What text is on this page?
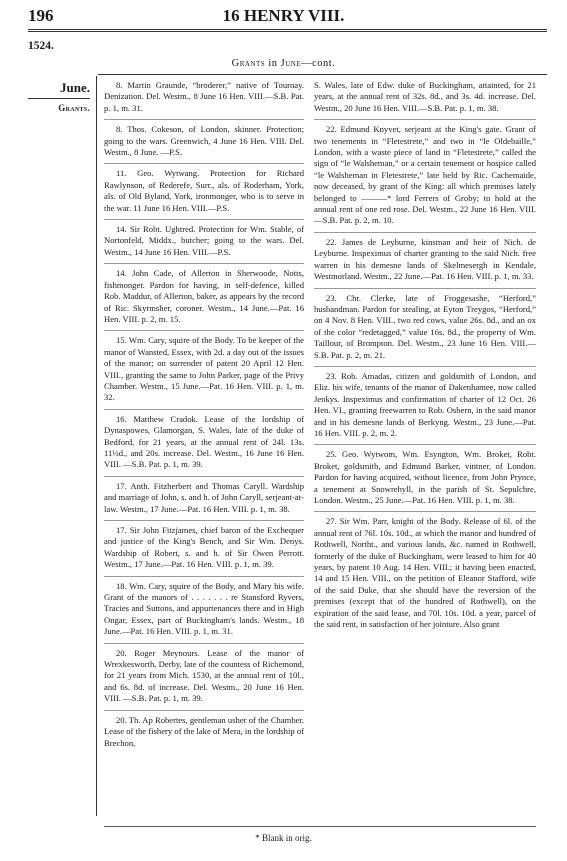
196	16 HENRY VIII.
1524.
Grants in June—cont.
June.
Grants.

8. Martin Graunde, “broderer,” native of Tournay. Denization. Del. Westm., 8 June 16 Hen. VIII.—S.B. Pat. p. 1, m. 31.

8. Thos. Cokeson, of London, skinner. Protection; going to the wars. Greenwich, 4 June 16 Hen. VIII. Del. Westm., 8 June. —P.S.

11. Geo. Wytwang. Protection for Richard Rawlynson, of Rederefe, Surr., als. of Roderham, York, als. of Old Byland, York, ironmonger, who is to serve in the war. 11 June 16 Hen. VIII.—P.S.

14. Sir Robt. Ughtred. Protection for Wm. Stable, of Nortonfeld, Middx., butcher; going to the wars. Del. Westm., 14 June 16 Hen. VIII.—P.S.

14. John Cade, of Allerton in Sherwoode, Notts, fishmonger. Pardon for having, in self-defence, killed Rob. Maddur, of Allerton, baker, as appears by the record of Ric. Skyrmsher, coroner. Westm., 14 June.—Pat. 16 Hen. VIII. p. 2, m. 15.

15. Wm. Cary, squire of the Body. To be keeper of the manor of Wansted, Essex, with 2d. a day out of the issues of the manor; on surrender of patent 20 April 12 Hen. VIII., granting the same to John Parker, page of the Privy Chamber. Westm., 15 June.—Pat. 16 Hen. VIII. p. 1, m. 32.

16. Matthew Cradok. Lease of the lordship of Dynaspowes, Glamorgan, S. Wales, late of the duke of Bedford, for 21 years, at the annual rent of 24l. 13s. 11½d., and 20s. increase. Del. Westm., 16 June 16 Hen. VIII. —S.B. Pat. p. 1, m. 39.

17. Anth. Fitzherbert and Thomas Caryll. Wardship and marriage of John, s. and h. of John Caryll, serjeant-at-law. Westm., 17 June.—Pat. 16 Hen. VIII. p. 1, m. 38.

17. Sir John Fitzjames, chief baron of the Exchequer and justice of the King's Bench, and Sir Wm. Denys. Wardship of Robert, s. and h. of Sir Owen Perrott. Westm., 17 June.—Pat. 16 Hen. VIII. p. 1, m. 39.

18. Wm. Cary, squire of the Body, and Mary his wife. Grant of the manors of . . . . . . . re Stansford Ryvers, Tracies and Suttons, and appurtenances there and in High Ongar, Essex, part of Buckingham's lands. Westm., 18 June.—Pat. 16 Hen. VIII. p. 1, m. 31.

20. Roger Meynours. Lease of the manor of Wrexkesworth, Derby, late of the countess of Richemond, for 21 years from Mich. 1530, at the annual rent of 10l., and 6s. 8d. of increase. Del. Westm., 20 June 16 Hen. VIII. —S.B. Pat. p. 1, m. 39.

20. Th. Ap Robertes, gentleman usher of the Chamber. Lease of the fishery of the lake of Mera, in the lordship of Brechon,

S. Wales, late of Edw. duke of Buckingham, attainted, for 21 years, at the annual rent of 32s. 8d., and 3s. 4d. increase. Del. Westm., 20 June 16 Hen. VIII.—S.B. Pat. p. 1, m. 38.

22. Edmund Knyvet, serjeant at the King's gate. Grant of two tenements in “Fletestrete,” and two in “le Oldebaille,” London, with a waste piece of land in “Fletestrete,” called the sign of “le Walsheman,” or a certain tenement or hospice called “le Walsheman in Fletestrete,” late held by Ric. Cachemaide, now deceased, by grant of the King: all which premises lately belonged to ———* lord Ferrers of Groby; to hold at the annual rent of one red rose. Del. Westm., 22 June 16 Hen. VIII.—S.B. Pat. p. 2, m. 10.

22. James de Leyburne, kinsman and heir of Nich. de Leyburne. Inspeximus of charter granting to the said Nich. free warren in his demesne lands of Skelmesergh in Kendale, Westmorland. Westm., 22 June.—Pat. 16 Hen. VIII. p. 1, m. 33.

23. Chr. Clerke, late of Froggesashe, “Herford,” husbandman. Pardon for stealing, at Eyton Treygos, “Herford,” on 4 Nov. 8 Hen. VIII., two red cows, value 26s. 8d., and an ox of the color “redetagged,” value 16s. 8d., the property of Wm. Taillour, of Brompton. Del. Westm., 23 June 16 Hen. VIII.—S.B. Pat. p. 2, m. 21.

23. Rob. Amadas, citizen and goldsmith of London, and Eliz. his wife, tenants of the manor of Dakenhamee, now called Jenkys. Inspeximus and confirmation of charter of 12 Oct. 26 Hen. VI., granting freewarren to Rob. Osbern, in the said manor and in his demesne lands of Berkyng. Westm., 23 June.—Pat. 16 Hen. VIII. p. 2, m. 2.

25. Geo. Wytwom, Wm. Esyngton, Wm. Broket, Robt. Broket, goldsmith, and Edmund Barker, vintner, of London. Pardon for having acquired, without licence, from John Prynce, a tenement at Snowrehyll, in the parish of St. Sepulchre, London. Westm., 25 June.—Pat. 16 Hen. VIII. p. 1, m. 38.

27. Sir Wm. Parr, knight of the Body. Release of 6l. of the annual rent of 76l. 10s. 10d., at which the manor and hundred of Rothwell, Northt., and various lands, &c. named in Rothwell, formerly of the duke of Buckingham, were leased to him for 40 years, by patent 10 Aug. 14 Hen. VIII.; it having been enacted, 14 and 15 Hen. VIII., on the petition of Eleanor Stafford, wife of the said Duke, that she should have the reversion of the premises (except that of the hundred of Rothwell), on the expiration of the said lease, and 70l. 10s. 10d. a year, parcel of the said rent, in satisfaction of her jointure. Also grant

* Blank in orig.
